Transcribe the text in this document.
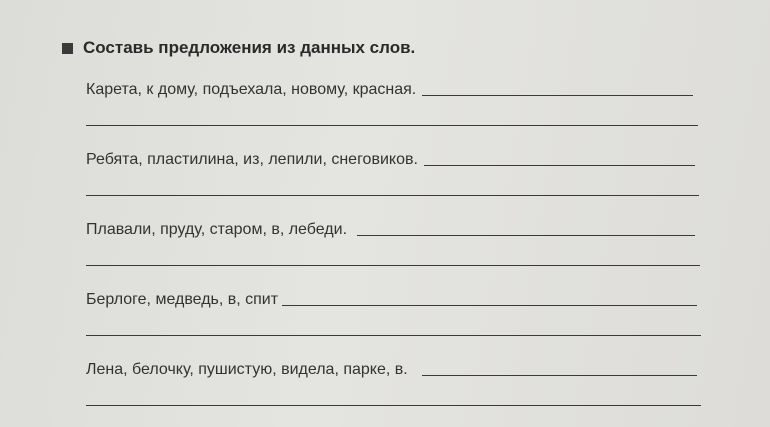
Составь предложения из данных слов.
Карета, к дому, подъехала, новому, красная.
Ребята, пластилина, из, лепили, снеговиков.
Плавали, пруду, старом, в, лебеди.
Берлоге, медведь, в, спит
Лена, белочку, пушистую, видела, парке, в.
